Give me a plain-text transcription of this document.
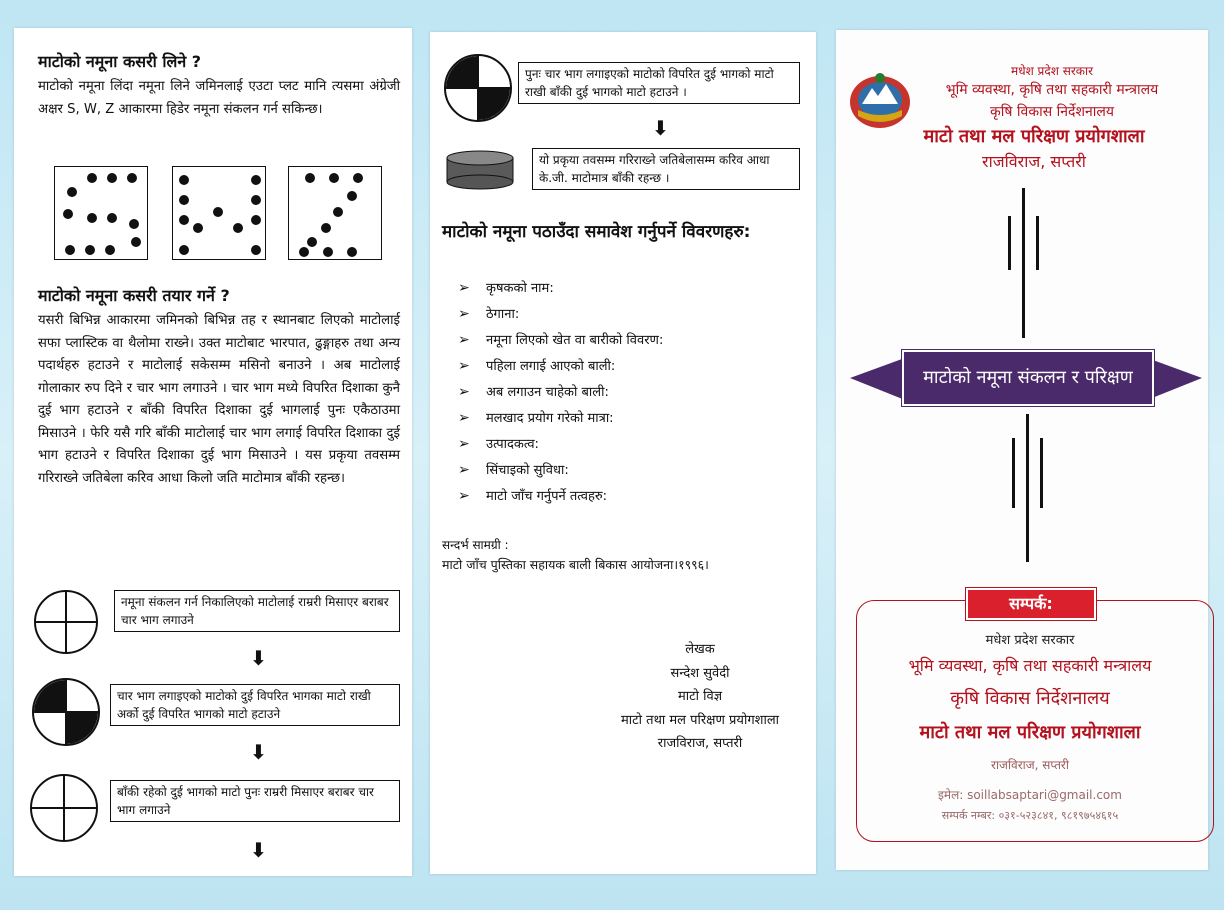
माटोको नमूना कसरी लिने ?
माटोको नमूना लिंदा नमूना लिने जमिनलाई एउटा प्लट मानि त्यसमा अंग्रेजी अक्षर S, W, Z आकारमा हिडेर नमूना संकलन गर्न सकिन्छ।
माटोको नमूना कसरी तयार गर्ने ?
यसरी बिभिन्न आकारमा जमिनको बिभिन्न तह र स्थानबाट लिएको माटोलाई सफा प्लास्टिक वा थैलोमा राख्ने। उक्त माटोबाट भारपात, ढुङ्गाहरु तथा अन्य पदार्थहरु हटाउने र माटोलाई सकेसम्म मसिनो बनाउने । अब माटोलाई गोलाकार रुप दिने र चार भाग लगाउने । चार भाग मध्ये विपरित दिशाका कुनै दुई भाग हटाउने र बाँकी विपरित दिशाका दुई भागलाई पुनः एकैठाउमा मिसाउने । फेरि यसै गरि बाँकी माटोलाई चार भाग लगाई विपरित दिशाका दुई भाग हटाउने र विपरित दिशाका दुई भाग मिसाउने । यस प्रकृया तवसम्म गरिराख्ने जतिबेला करिव आधा किलो जति माटोमात्र बाँकी रहन्छ।
नमूना संकलन गर्न निकालिएको माटोलाई राम्ररी मिसाएर बराबर चार भाग लगाउने
⬇
चार भाग लगाइएको माटोको दुई विपरित भागका माटो राखी अर्को दुई विपरित भागको माटो हटाउने
⬇
बाँकी रहेको दुई भागको माटो पुनः राम्ररी मिसाएर बराबर चार भाग लगाउने
⬇
पुनः चार भाग लगाइएको माटोको विपरित दुई भागको माटो राखी बाँकी दुई भागको माटो हटाउने ।
⬇
यो प्रकृया तवसम्म गरिराख्ने जतिबेलासम्म करिव आधा के.जी. माटोमात्र बाँकी रहन्छ ।
माटोको नमूना पठाउँदा समावेश गर्नुपर्ने विवरणहरु:
➢ कृषकको नाम:
➢ ठेगाना:
➢ नमूना लिएको खेत वा बारीको विवरण:
➢ पहिला लगाई आएको बाली:
➢ अब लगाउन चाहेको बाली:
➢ मलखाद प्रयोग गरेको मात्रा:
➢ उत्पादकत्व:
➢ सिंचाइको सुविधा:
➢ माटो जाँच गर्नुपर्ने तत्वहरु:
सन्दर्भ सामग्री :
माटो जाँच पुस्तिका सहायक बाली बिकास आयोजना।१९९६।
लेखक
सन्देश सुवेदी
माटो विज्ञ
माटो तथा मल परिक्षण प्रयोगशाला
राजविराज, सप्तरी
मधेश प्रदेश सरकार
भूमि व्यवस्था, कृषि तथा सहकारी मन्त्रालय
कृषि विकास निर्देशनालय
माटो तथा मल परिक्षण प्रयोगशाला
राजविराज, सप्तरी
माटोको नमूना संकलन र परिक्षण
सम्पर्क:
मधेश प्रदेश सरकार
भूमि व्यवस्था, कृषि तथा सहकारी मन्त्रालय
कृषि विकास निर्देशनालय
माटो तथा मल परिक्षण प्रयोगशाला
राजविराज, सप्तरी
इमेल: soillabsaptari@gmail.com
सम्पर्क नम्बर: ०३१-५२३८४१, ९८१९७५४६१५
